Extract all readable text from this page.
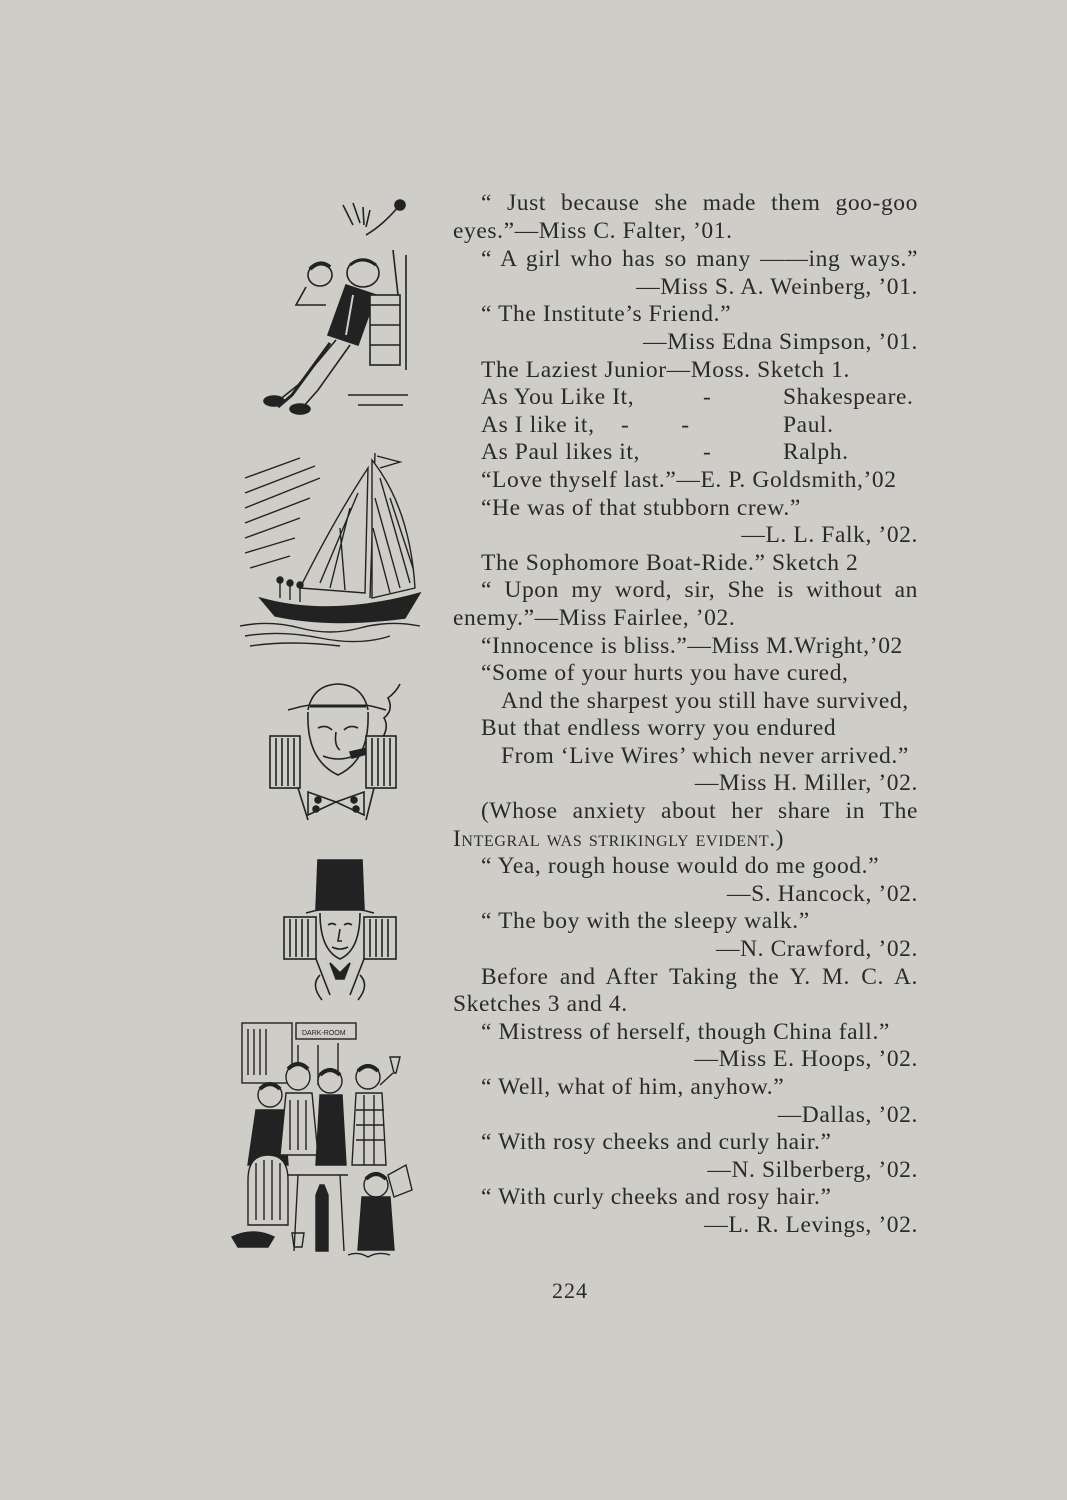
DARK-ROOM
“ Just because she made them goo-goo
eyes.”—Miss C. Falter, ’01.
“ A girl who has so many ——ing ways.”
—Miss S. A. Weinberg, ’01.
“ The Institute’s Friend.”
—Miss Edna Simpson, ’01.
The Laziest Junior—Moss. Sketch 1.
As You Like It,	-	Shakespeare.
As I like it,	-        -	Paul.
As Paul likes it,	-	Ralph.
“Love thyself last.”—E. P. Goldsmith,’02
“He was of that stubborn crew.”
—L. L. Falk, ’02.
The Sophomore Boat-Ride.” Sketch 2
“ Upon my word, sir, She is without an
enemy.”—Miss Fairlee, ’02.
“Innocence is bliss.”—Miss M.Wright,’02
“Some of your hurts you have cured,
And the sharpest you still have survived,
But that endless worry you endured
From ‘Live Wires’ which never arrived.”
—Miss H. Miller, ’02.
(Whose anxiety about her share in The
Integral was strikingly evident.)
“ Yea, rough house would do me good.”
—S. Hancock, ’02.
“ The boy with the sleepy walk.”
—N. Crawford, ’02.
Before and After Taking the Y. M. C. A.
Sketches 3 and 4.
“ Mistress of herself, though China fall.”
—Miss E. Hoops, ’02.
“ Well, what of him, anyhow.”
—Dallas, ’02.
“ With rosy cheeks and curly hair.”
—N. Silberberg, ’02.
“ With curly cheeks and rosy hair.”
—L. R. Levings, ’02.
224
